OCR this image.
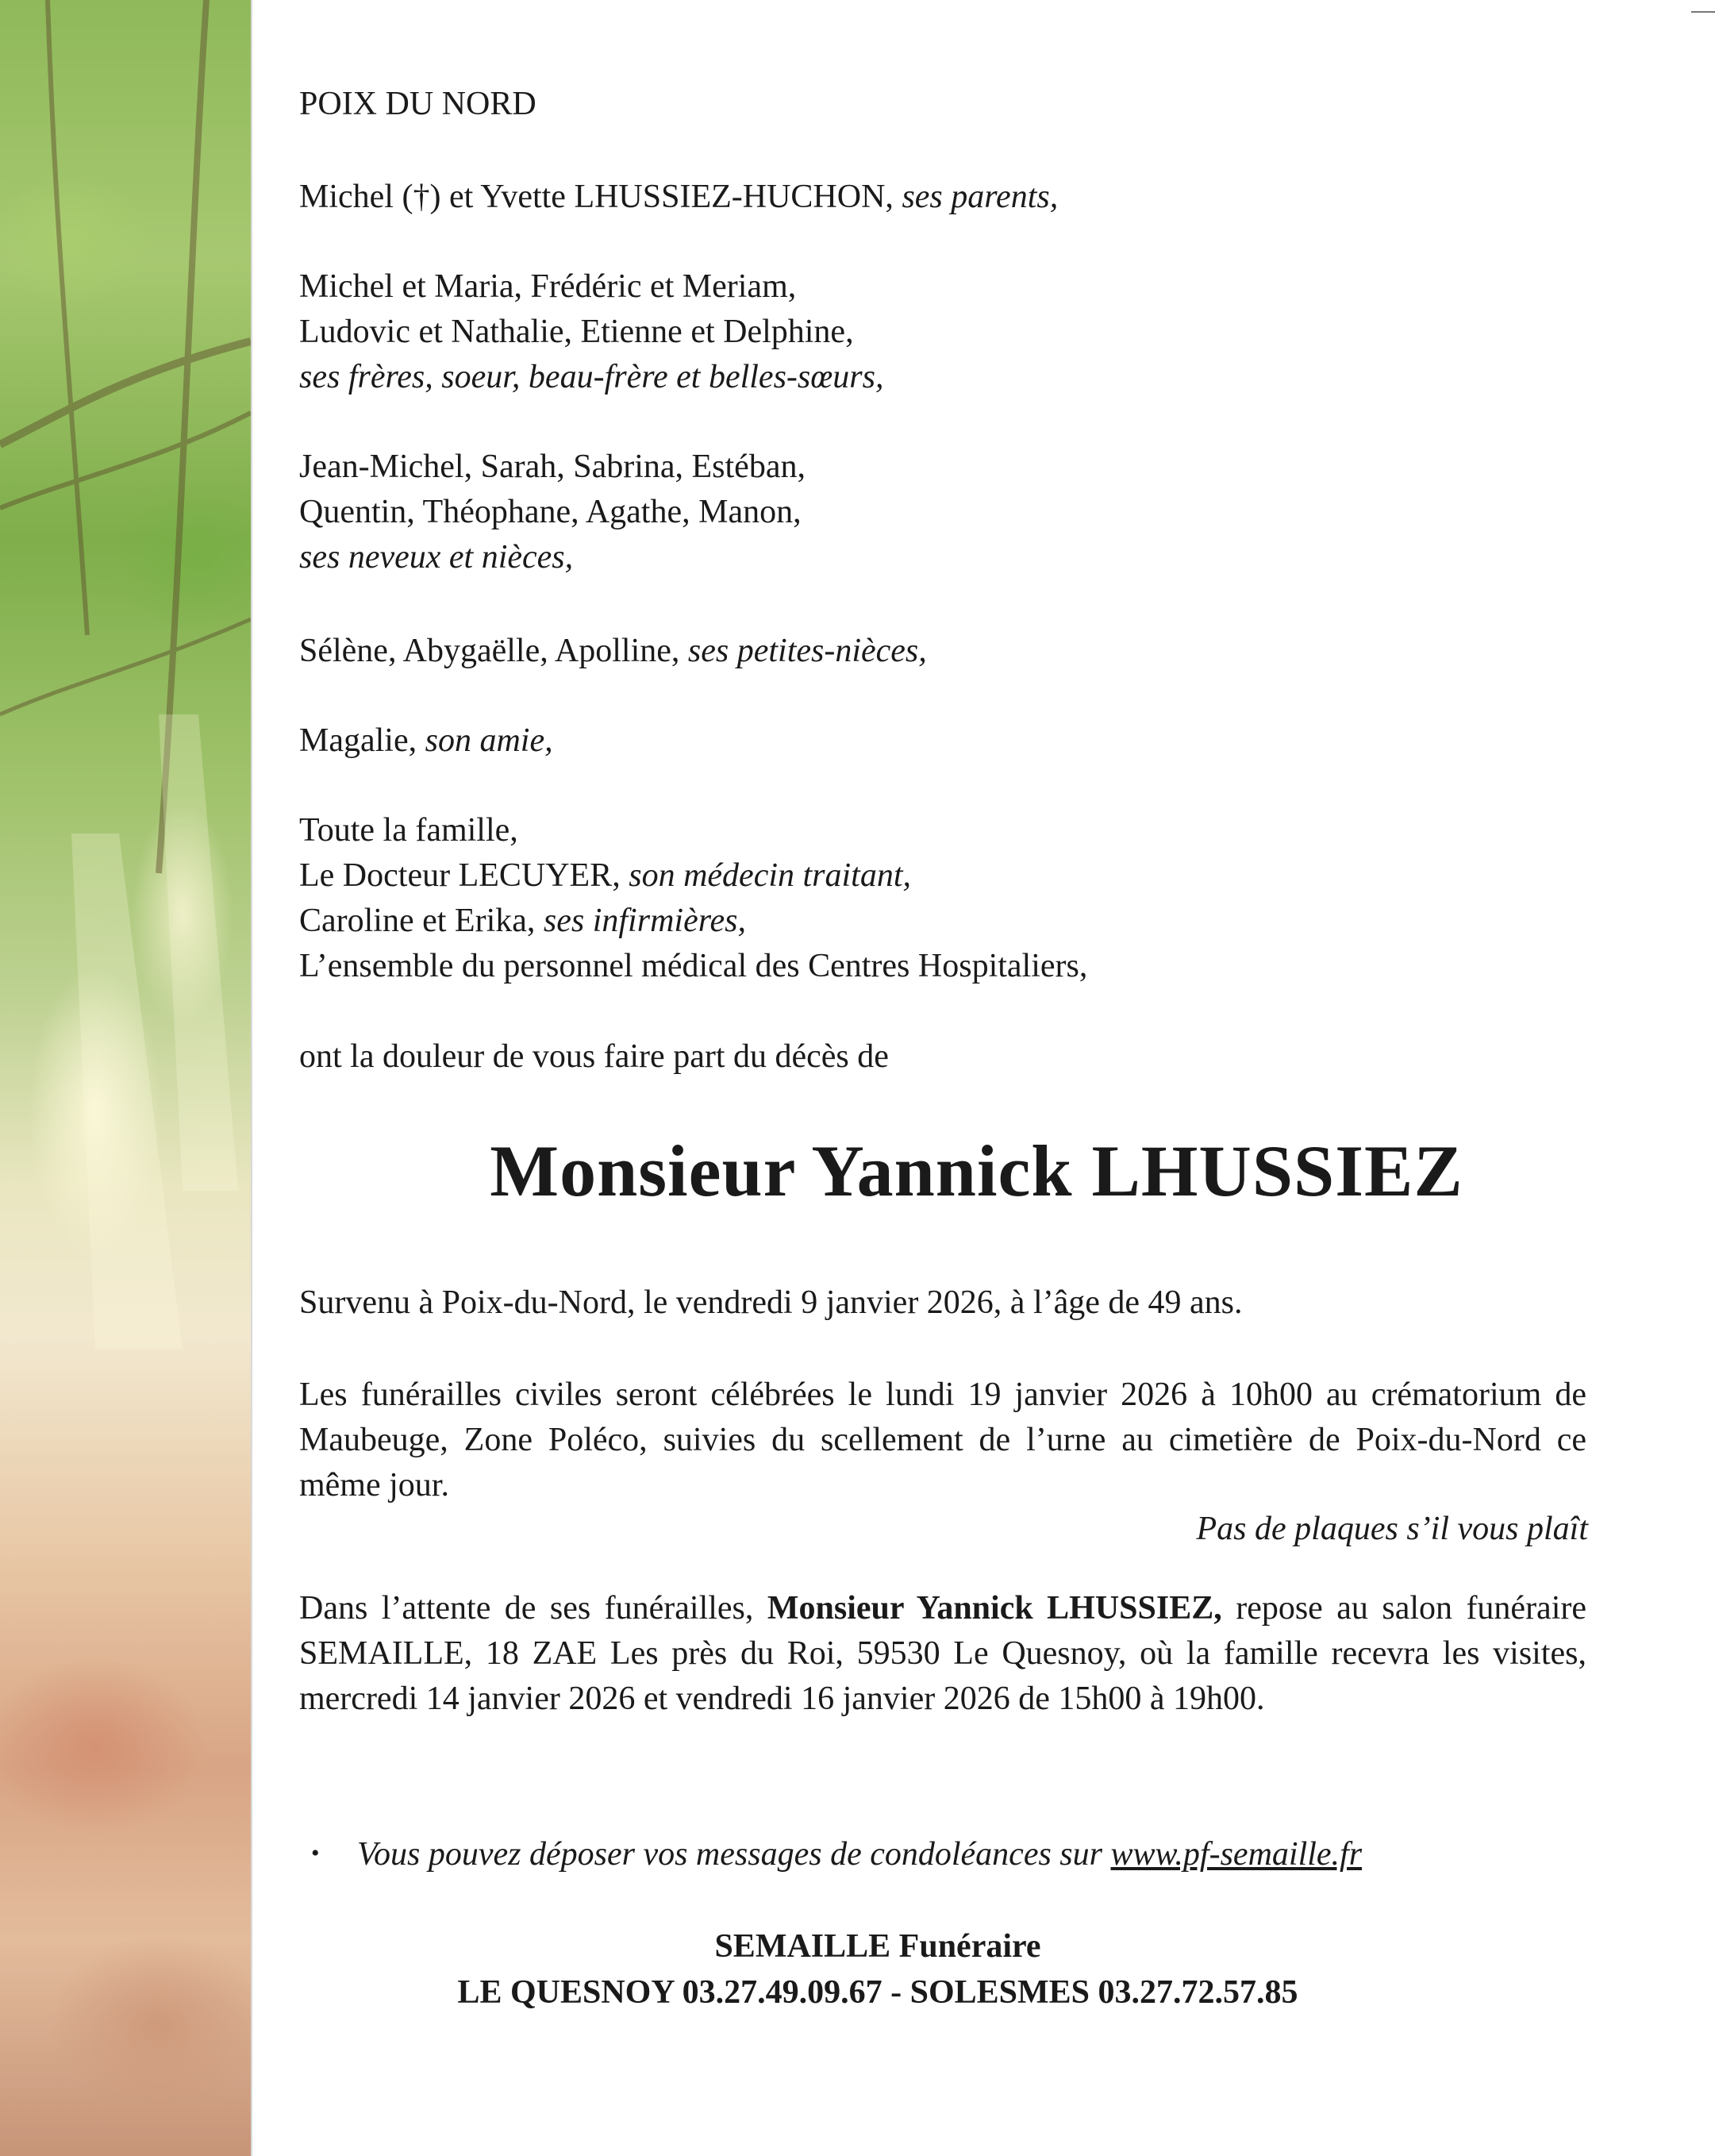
POIX DU NORD
Michel (†) et Yvette LHUSSIEZ-HUCHON, ses parents,
Michel et Maria, Frédéric et Meriam,
Ludovic et Nathalie, Etienne et Delphine,
ses frères, soeur, beau-frère et belles-sœurs,
Jean-Michel, Sarah, Sabrina, Estéban,
Quentin, Théophane, Agathe, Manon,
ses neveux et nièces,
Sélène, Abygaëlle, Apolline, ses petites-nièces,
Magalie, son amie,
Toute la famille,
Le Docteur LECUYER, son médecin traitant,
Caroline et Erika, ses infirmières,
L’ensemble du personnel médical des Centres Hospitaliers,
ont la douleur de vous faire part du décès de
Monsieur Yannick LHUSSIEZ
Survenu à Poix-du-Nord, le vendredi 9 janvier 2026, à l’âge de 49 ans.
Les funérailles civiles seront célébrées le lundi 19 janvier 2026 à 10h00 au crématorium de Maubeuge, Zone Poléco, suivies du scellement de l’urne au cimetière de Poix-du-Nord ce même jour.
Pas de plaques s’il vous plaît
Dans l’attente de ses funérailles, Monsieur Yannick LHUSSIEZ, repose au salon funéraire SEMAILLE, 18 ZAE Les près du Roi, 59530 Le Quesnoy, où la famille recevra les visites, mercredi 14 janvier 2026 et vendredi 16 janvier 2026 de 15h00 à 19h00.
• Vous pouvez déposer vos messages de condoléances sur www.pf-semaille.fr
SEMAILLE Funéraire
LE QUESNOY 03.27.49.09.67 - SOLESMES 03.27.72.57.85
